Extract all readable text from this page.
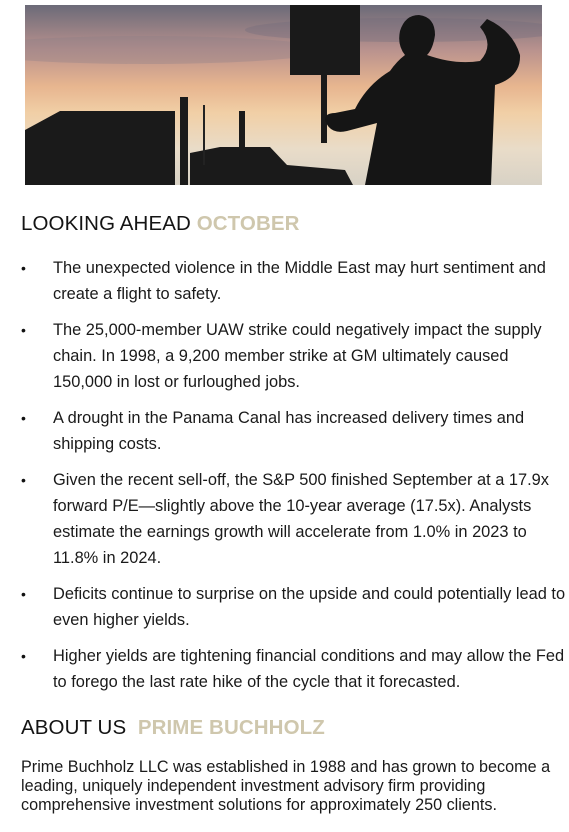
LOOKING AHEAD OCTOBER
• The unexpected violence in the Middle East may hurt sentiment and create a flight to safety.
• The 25,000-member UAW strike could negatively impact the supply chain. In 1998, a 9,200 member strike at GM ultimately caused 150,000 in lost or furloughed jobs.
• A drought in the Panama Canal has increased delivery times and shipping costs.
• Given the recent sell-off, the S&P 500 finished September at a 17.9x forward P/E—slightly above the 10-year average (17.5x). Analysts estimate the earnings growth will accelerate from 1.0% in 2023 to 11.8% in 2024.
• Deficits continue to surprise on the upside and could potentially lead to even higher yields.
• Higher yields are tightening financial conditions and may allow the Fed to forego the last rate hike of the cycle that it forecasted.
ABOUT US PRIME BUCHHOLZ

Prime Buchholz LLC was established in 1988 and has grown to become a leading, uniquely independent investment advisory firm providing comprehensive investment solutions for approximately 250 clients.
